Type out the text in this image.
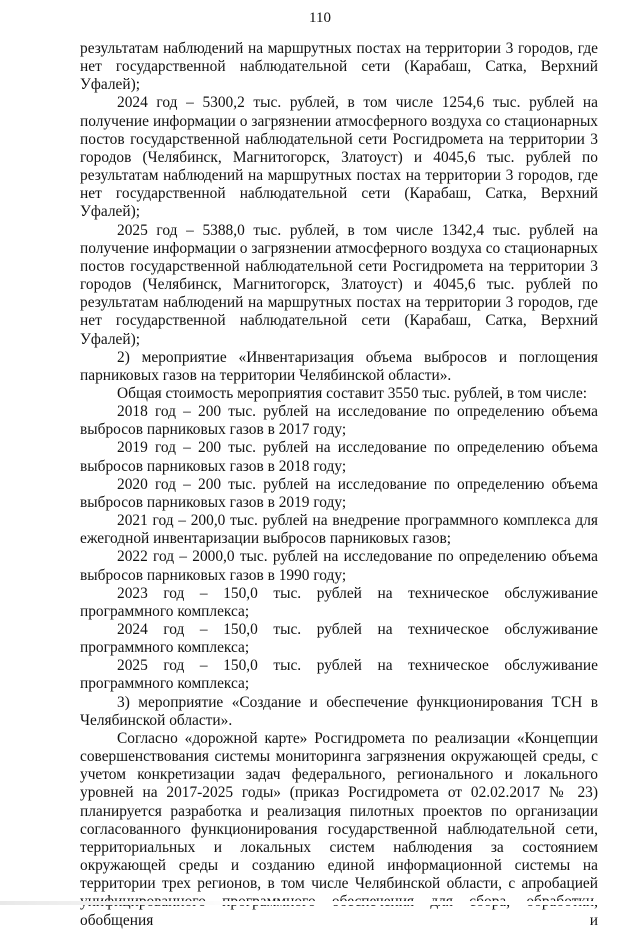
110

результатам наблюдений на маршрутных постах на территории 3 городов, где нет государственной наблюдательной сети (Карабаш, Сатка, Верхний Уфалей);

2024 год – 5300,2 тыс. рублей, в том числе 1254,6 тыс. рублей на получение информации о загрязнении атмосферного воздуха со стационарных постов государственной наблюдательной сети Росгидромета на территории 3 городов (Челябинск, Магнитогорск, Златоуст) и 4045,6 тыс. рублей по результатам наблюдений на маршрутных постах на территории 3 городов, где нет государственной наблюдательной сети (Карабаш, Сатка, Верхний Уфалей);

2025 год – 5388,0 тыс. рублей, в том числе 1342,4 тыс. рублей на получение информации о загрязнении атмосферного воздуха со стационарных постов государственной наблюдательной сети Росгидромета на территории 3 городов (Челябинск, Магнитогорск, Златоуст) и 4045,6 тыс. рублей по результатам наблюдений на маршрутных постах на территории 3 городов, где нет государственной наблюдательной сети (Карабаш, Сатка, Верхний Уфалей);

2) мероприятие «Инвентаризация объема выбросов и поглощения парниковых газов на территории Челябинской области».

Общая стоимость мероприятия составит 3550 тыс. рублей, в том числе:

2018 год – 200 тыс. рублей на исследование по определению объема выбросов парниковых газов в 2017 году;

2019 год – 200 тыс. рублей на исследование по определению объема выбросов парниковых газов в 2018 году;

2020 год – 200 тыс. рублей на исследование по определению объема выбросов парниковых газов в 2019 году;

2021 год – 200,0 тыс. рублей на внедрение программного комплекса для ежегодной инвентаризации выбросов парниковых газов;

2022 год – 2000,0 тыс. рублей на исследование по определению объема выбросов парниковых газов в 1990 году;

2023 год – 150,0 тыс. рублей на техническое обслуживание программного комплекса;

2024 год – 150,0 тыс. рублей на техническое обслуживание программного комплекса;

2025 год – 150,0 тыс. рублей на техническое обслуживание программного комплекса;

3) мероприятие «Создание и обеспечение функционирования ТСН в Челябинской области».

Согласно «дорожной карте» Росгидромета по реализации «Концепции совершенствования системы мониторинга загрязнения окружающей среды, с учетом конкретизации задач федерального, регионального и локального уровней на 2017-2025 годы» (приказ Росгидромета от 02.02.2017 № 23) планируется разработка и реализация пилотных проектов по организации согласованного функционирования государственной наблюдательной сети, территориальных и локальных систем наблюдения за состоянием окружающей среды и созданию единой информационной системы на территории трех регионов, в том числе Челябинской области, с апробацией обобщения и
